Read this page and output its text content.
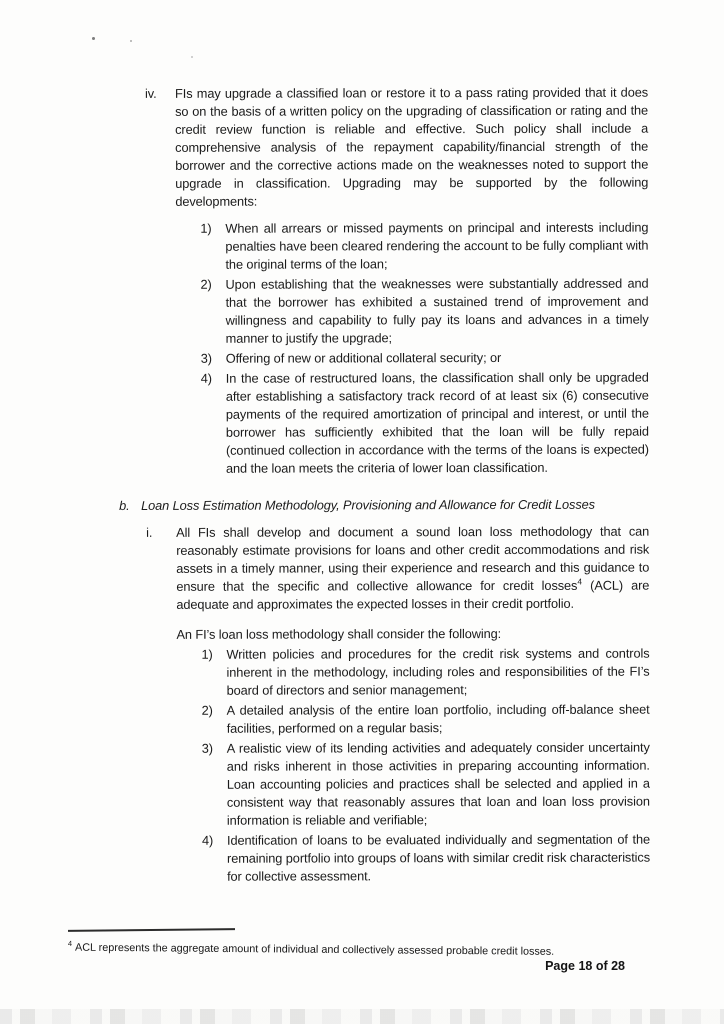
iv.	FIs may upgrade a classified loan or restore it to a pass rating provided that it does so on the basis of a written policy on the upgrading of classification or rating and the credit review function is reliable and effective. Such policy shall include a comprehensive analysis of the repayment capability/financial strength of the borrower and the corrective actions made on the weaknesses noted to support the upgrade in classification. Upgrading may be supported by the following developments:
1)	When all arrears or missed payments on principal and interests including penalties have been cleared rendering the account to be fully compliant with the original terms of the loan;
2)	Upon establishing that the weaknesses were substantially addressed and that the borrower has exhibited a sustained trend of improvement and willingness and capability to fully pay its loans and advances in a timely manner to justify the upgrade;
3)	Offering of new or additional collateral security; or
4)	In the case of restructured loans, the classification shall only be upgraded after establishing a satisfactory track record of at least six (6) consecutive payments of the required amortization of principal and interest, or until the borrower has sufficiently exhibited that the loan will be fully repaid (continued collection in accordance with the terms of the loans is expected) and the loan meets the criteria of lower loan classification.
b. Loan Loss Estimation Methodology, Provisioning and Allowance for Credit Losses
i.	All FIs shall develop and document a sound loan loss methodology that can reasonably estimate provisions for loans and other credit accommodations and risk assets in a timely manner, using their experience and research and this guidance to ensure that the specific and collective allowance for credit losses$^4$ (ACL) are adequate and approximates the expected losses in their credit portfolio.
An FI’s loan loss methodology shall consider the following:
1)	Written policies and procedures for the credit risk systems and controls inherent in the methodology, including roles and responsibilities of the FI’s board of directors and senior management;
2)	A detailed analysis of the entire loan portfolio, including off-balance sheet facilities, performed on a regular basis;
3)	A realistic view of its lending activities and adequately consider uncertainty and risks inherent in those activities in preparing accounting information. Loan accounting policies and practices shall be selected and applied in a consistent way that reasonably assures that loan and loan loss provision information is reliable and verifiable;
4)	Identification of loans to be evaluated individually and segmentation of the remaining portfolio into groups of loans with similar credit risk characteristics for collective assessment.
$^4$ ACL represents the aggregate amount of individual and collectively assessed probable credit losses.
Page 18 of 28
